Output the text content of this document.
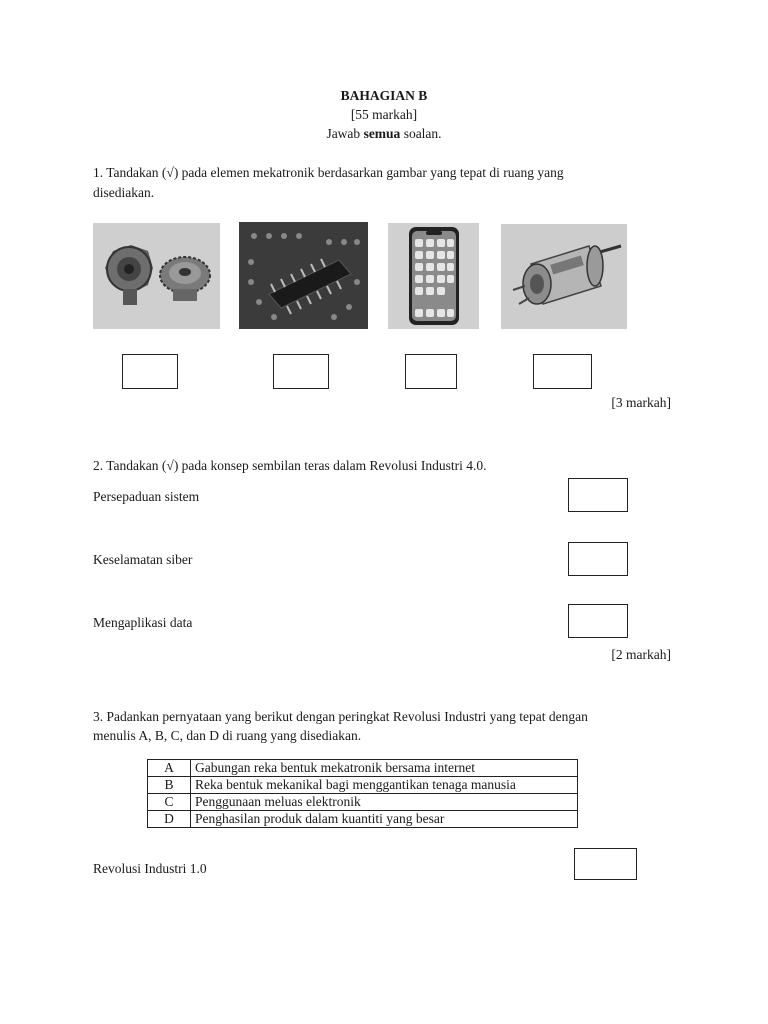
BAHAGIAN B
[55 markah]
Jawab semua soalan.
1. Tandakan (√) pada elemen mekatronik berdasarkan gambar yang tepat di ruang yang
disediakan.
[3 markah]
2. Tandakan (√) pada konsep sembilan teras dalam Revolusi Industri 4.0.
Persepaduan sistem
Keselamatan siber
Mengaplikasi data
[2 markah]
3. Padankan pernyataan yang berikut dengan peringkat Revolusi Industri yang tepat dengan
menulis A, B, C, dan D di ruang yang disediakan.
A	Gabungan reka bentuk mekatronik bersama internet
B	Reka bentuk mekanikal bagi menggantikan tenaga manusia
C	Penggunaan meluas elektronik
D	Penghasilan produk dalam kuantiti yang besar
Revolusi Industri 1.0
